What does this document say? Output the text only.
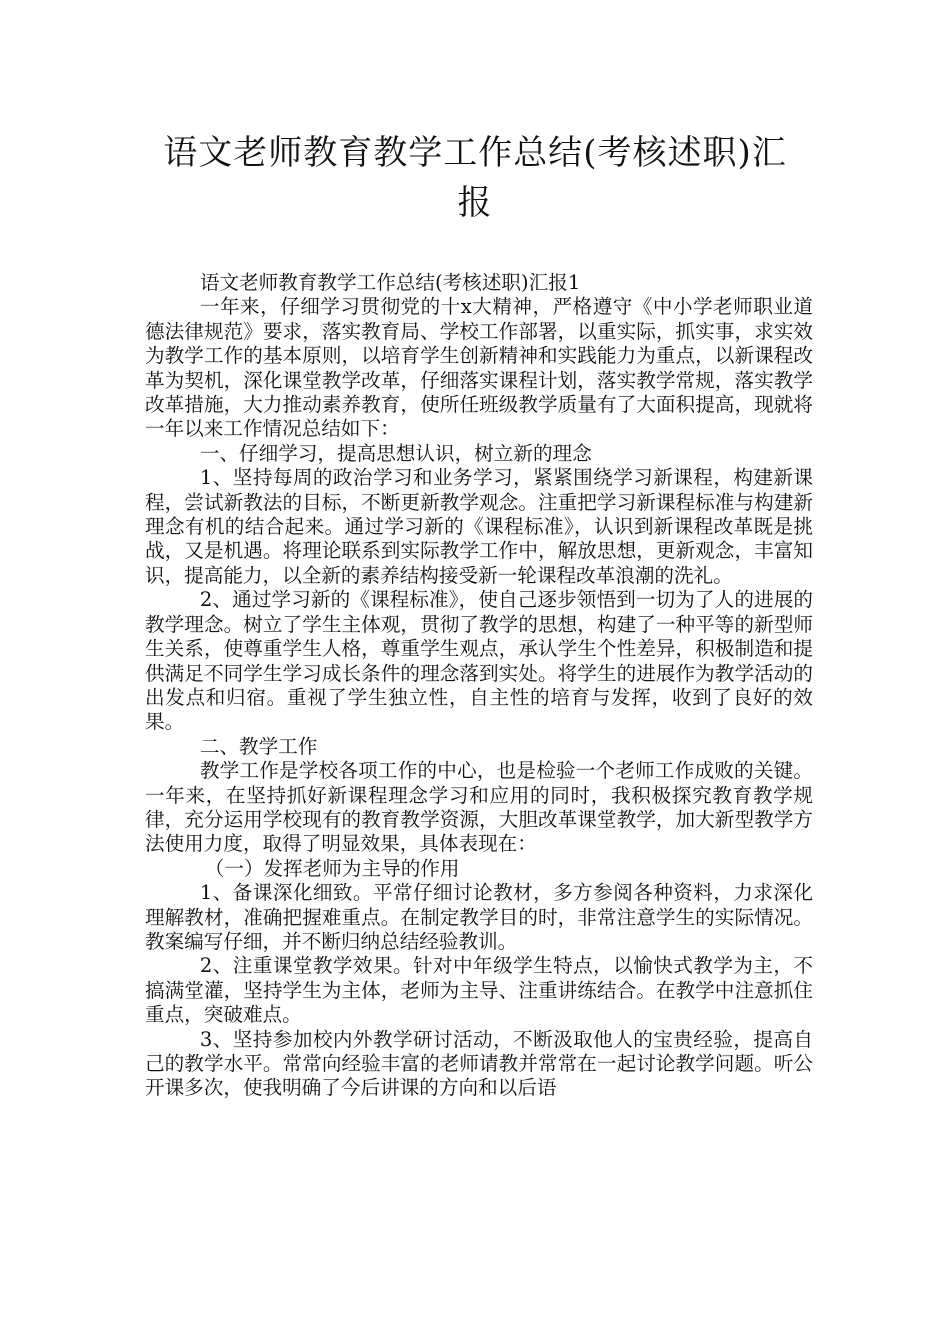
语文老师教育教学工作总结(考核述职)汇
报

语文老师教育教学工作总结(考核述职)汇报1

一年来，仔细学习贯彻党的十x大精神，严格遵守《中小学老师职业道德法律规范》要求，落实教育局、学校工作部署，以重实际，抓实事，求实效为教学工作的基本原则，以培育学生创新精神和实践能力为重点，以新课程改革为契机，深化课堂教学改革，仔细落实课程计划，落实教学常规，落实教学改革措施，大力推动素养教育，使所任班级教学质量有了大面积提高，现就将一年以来工作情况总结如下：

一、仔细学习，提高思想认识，树立新的理念

1、坚持每周的政治学习和业务学习，紧紧围绕学习新课程，构建新课程，尝试新教法的目标，不断更新教学观念。注重把学习新课程标准与构建新理念有机的结合起来。通过学习新的《课程标准》，认识到新课程改革既是挑战，又是机遇。将理论联系到实际教学工作中，解放思想，更新观念，丰富知识，提高能力，以全新的素养结构接受新一轮课程改革浪潮的洗礼。

2、通过学习新的《课程标准》，使自己逐步领悟到一切为了人的进展的教学理念。树立了学生主体观，贯彻了教学的思想，构建了一种平等的新型师生关系，使尊重学生人格，尊重学生观点，承认学生个性差异，积极制造和提供满足不同学生学习成长条件的理念落到实处。将学生的进展作为教学活动的出发点和归宿。重视了学生独立性，自主性的培育与发挥，收到了良好的效果。

二、教学工作

教学工作是学校各项工作的中心，也是检验一个老师工作成败的关键。一年来，在坚持抓好新课程理念学习和应用的同时，我积极探究教育教学规律，充分运用学校现有的教育教学资源，大胆改革课堂教学，加大新型教学方法使用力度，取得了明显效果，具体表现在：

（一）发挥老师为主导的作用

1、备课深化细致。平常仔细讨论教材，多方参阅各种资料，力求深化理解教材，准确把握难重点。在制定教学目的时，非常注意学生的实际情况。教案编写仔细，并不断归纳总结经验教训。

2、注重课堂教学效果。针对中年级学生特点，以愉快式教学为主，不搞满堂灌，坚持学生为主体，老师为主导、注重讲练结合。在教学中注意抓住重点，突破难点。

3、坚持参加校内外教学研讨活动，不断汲取他人的宝贵经验，提高自己的教学水平。常常向经验丰富的老师请教并常常在一起讨论教学问题。听公开课多次，使我明确了今后讲课的方向和以后语
